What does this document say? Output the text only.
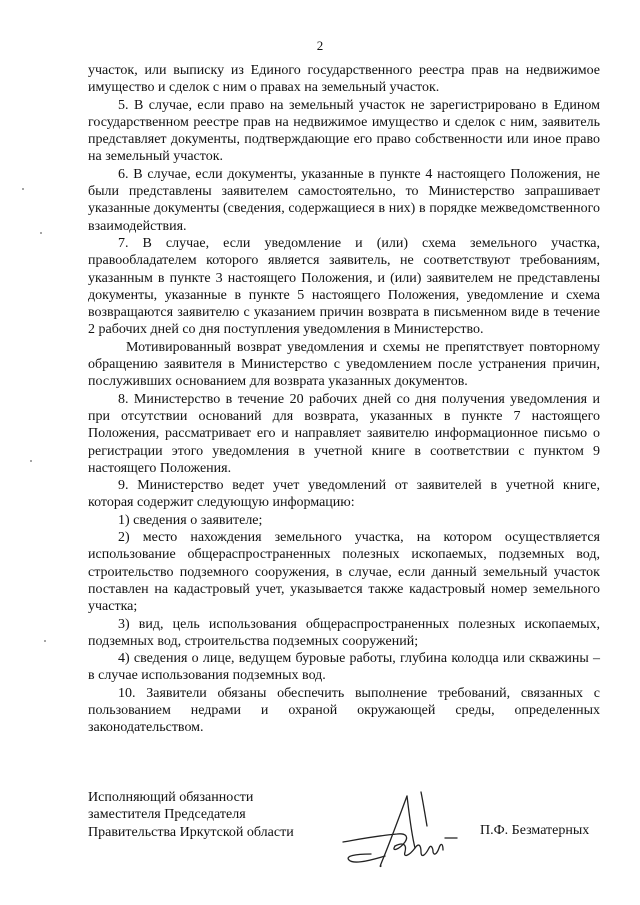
2

участок, или выписку из Единого государственного реестра прав на недвижимое имущество и сделок с ним о правах на земельный участок.

5. В случае, если право на земельный участок не зарегистрировано в Едином государственном реестре прав на недвижимое имущество и сделок с ним, заявитель представляет документы, подтверждающие его право собственности или иное право на земельный участок.

6. В случае, если документы, указанные в пункте 4 настоящего Положения, не были представлены заявителем самостоятельно, то Министерство запрашивает указанные документы (сведения, содержащиеся в них) в порядке межведомственного взаимодействия.

7. В случае, если уведомление и (или) схема земельного участка, правообладателем которого является заявитель, не соответствуют требованиям, указанным в пункте 3 настоящего Положения, и (или) заявителем не представлены документы, указанные в пункте 5 настоящего Положения, уведомление и схема возвращаются заявителю с указанием причин возврата в письменном виде в течение 2 рабочих дней со дня поступления уведомления в Министерство.

Мотивированный возврат уведомления и схемы не препятствует повторному обращению заявителя в Министерство с уведомлением после устранения причин, послуживших основанием для возврата указанных документов.

8. Министерство в течение 20 рабочих дней со дня получения уведомления и при отсутствии оснований для возврата, указанных в пункте 7 настоящего Положения, рассматривает его и направляет заявителю информационное письмо о регистрации этого уведомления в учетной книге в соответствии с пунктом 9 настоящего Положения.

9. Министерство ведет учет уведомлений от заявителей в учетной книге, которая содержит следующую информацию:

1) сведения о заявителе;

2) место нахождения земельного участка, на котором осуществляется использование общераспространенных полезных ископаемых, подземных вод, строительство подземного сооружения, в случае, если данный земельный участок поставлен на кадастровый учет, указывается также кадастровый номер земельного участка;

3) вид, цель использования общераспространенных полезных ископаемых, подземных вод, строительства подземных сооружений;

4) сведения о лице, ведущем буровые работы, глубина колодца или скважины – в случае использования подземных вод.

10. Заявители обязаны обеспечить выполнение требований, связанных с пользованием недрами и охраной окружающей среды, определенных законодательством.

Исполняющий обязанности
заместителя Председателя
Правительства Иркутской области	П.Ф. Безматерных
